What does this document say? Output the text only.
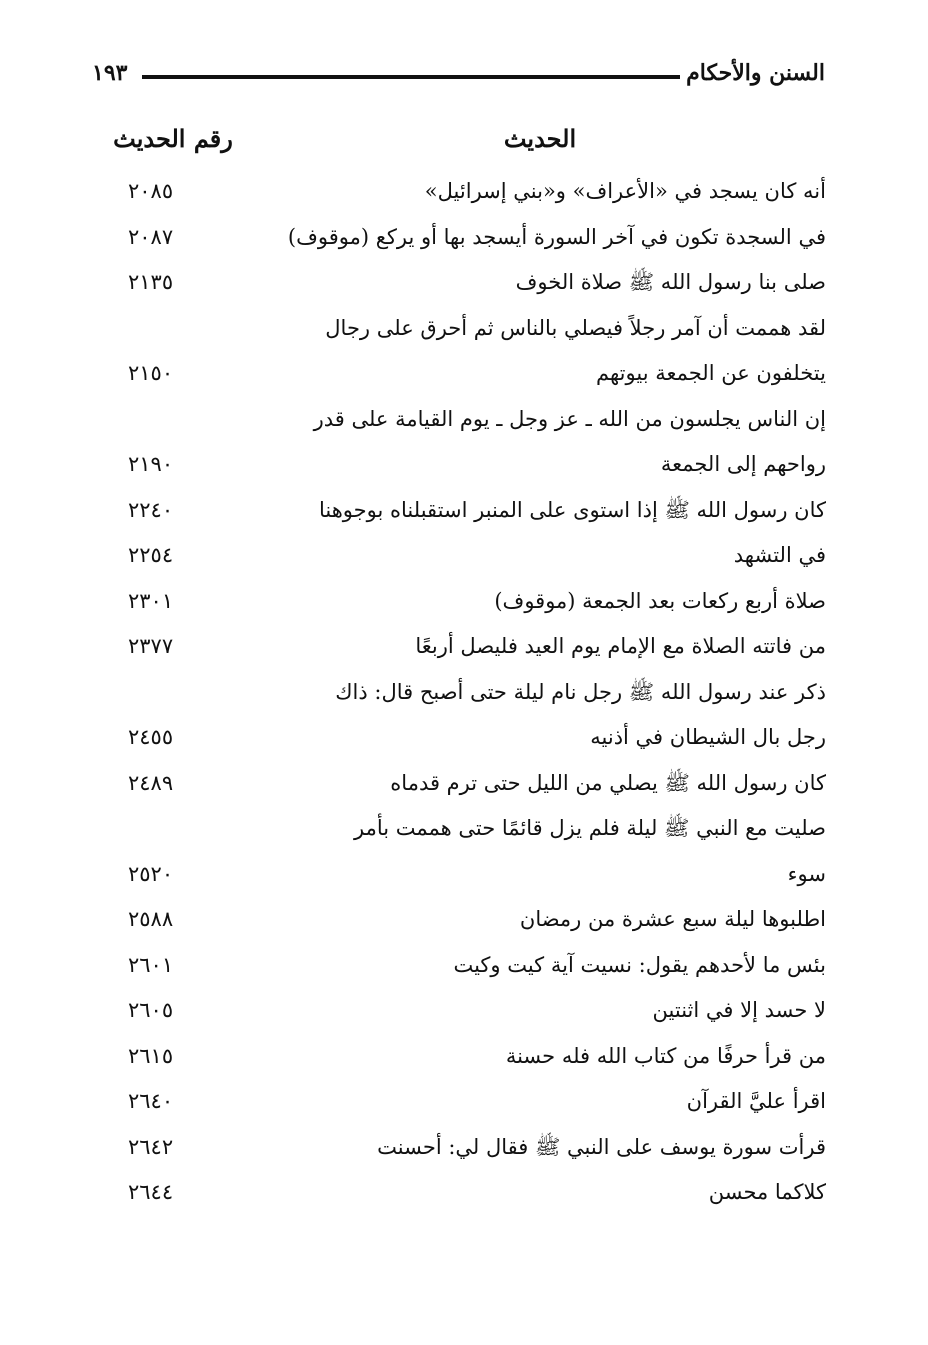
السنن والأحكام
١٩٣
الحديث
رقم الحديث
أنه كان يسجد في «الأعراف» و«بني إسرائيل»
٢٠٨٥
في السجدة تكون في آخر السورة أيسجد بها أو يركع (موقوف)
٢٠٨٧
صلى بنا رسول الله ﷺ صلاة الخوف
٢١٣٥
لقد هممت أن آمر رجلاً فيصلي بالناس ثم أحرق على رجال
يتخلفون عن الجمعة بيوتهم
٢١٥٠
إن الناس يجلسون من الله ـ عز وجل ـ يوم القيامة على قدر
رواحهم إلى الجمعة
٢١٩٠
كان رسول الله ﷺ إذا استوى على المنبر استقبلناه بوجوهنا
٢٢٤٠
في التشهد
٢٢٥٤
صلاة أربع ركعات بعد الجمعة (موقوف)
٢٣٠١
من فاتته الصلاة مع الإمام يوم العيد فليصل أربعًا
٢٣٧٧
ذكر عند رسول الله ﷺ رجل نام ليلة حتى أصبح قال: ذاك
رجل بال الشيطان في أذنيه
٢٤٥٥
كان رسول الله ﷺ يصلي من الليل حتى ترم قدماه
٢٤٨٩
صليت مع النبي ﷺ ليلة فلم يزل قائمًا حتى هممت بأمر
سوء
٢٥٢٠
اطلبوها ليلة سبع عشرة من رمضان
٢٥٨٨
بئس ما لأحدهم يقول: نسيت آية كيت وكيت
٢٦٠١
لا حسد إلا في اثنتين
٢٦٠٥
من قرأ حرفًا من كتاب الله فله حسنة
٢٦١٥
اقرأ عليَّ القرآن
٢٦٤٠
قرأت سورة يوسف على النبي ﷺ فقال لي: أحسنت
٢٦٤٢
كلاكما محسن
٢٦٤٤
